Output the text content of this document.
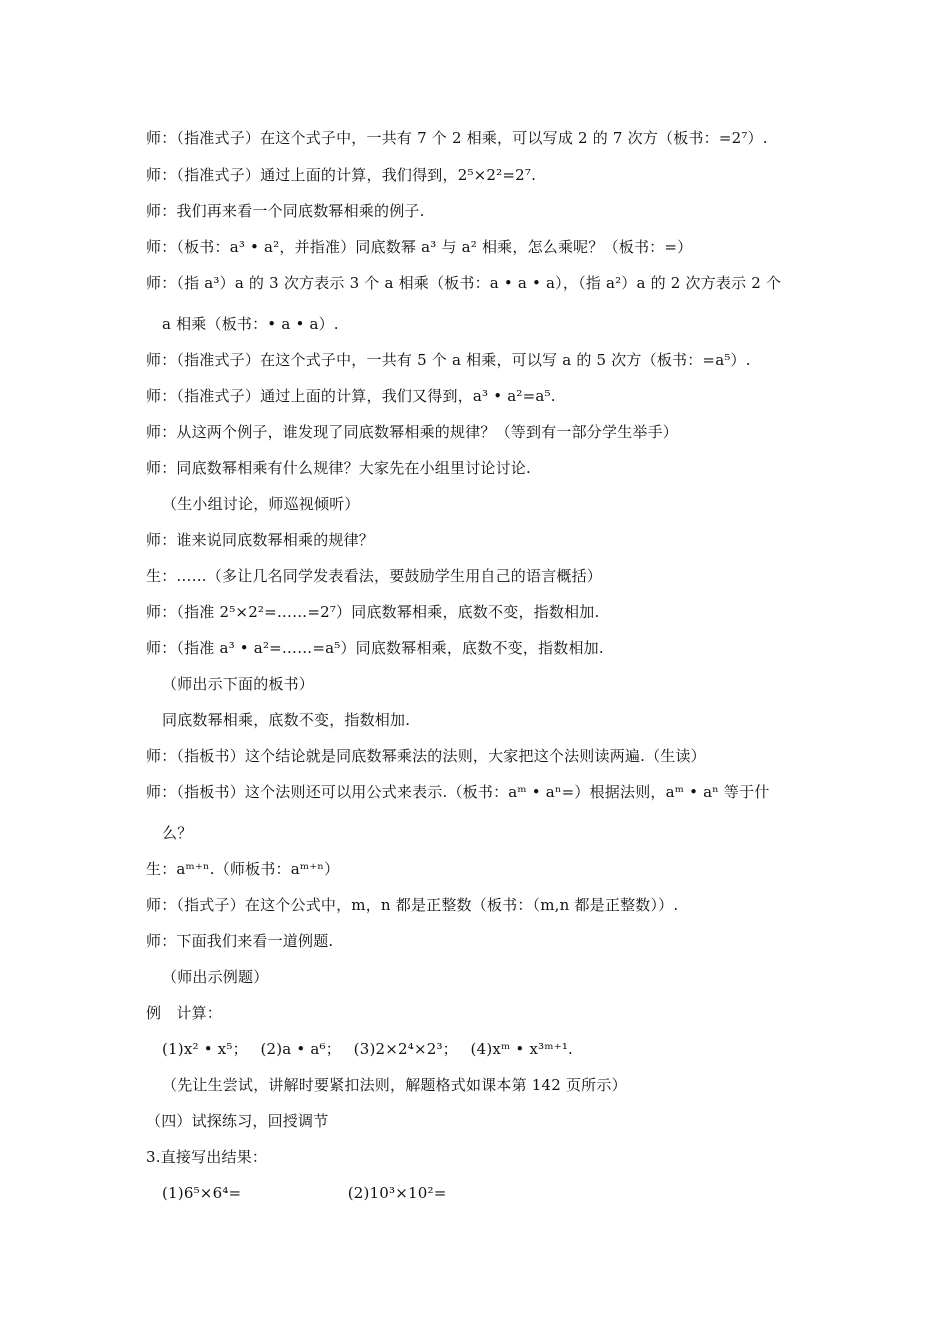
师：（指准式子）在这个式子中，一共有 7 个 2 相乘，可以写成 2 的 7 次方（板书：=2⁷）.
师：（指准式子）通过上面的计算，我们得到，2⁵×2²=2⁷.
师：我们再来看一个同底数幂相乘的例子.
师：（板书：a³ • a²，并指准）同底数幂 a³ 与 a² 相乘，怎么乘呢？（板书：=）
师：（指 a³）a 的 3 次方表示 3 个 a 相乘（板书：a • a • a），（指 a²）a 的 2 次方表示 2 个
a 相乘（板书：• a • a）.
师：（指准式子）在这个式子中，一共有 5 个 a 相乘，可以写 a 的 5 次方（板书：=a⁵）.
师：（指准式子）通过上面的计算，我们又得到，a³ • a²=a⁵.
师：从这两个例子，谁发现了同底数幂相乘的规律？（等到有一部分学生举手）
师：同底数幂相乘有什么规律？大家先在小组里讨论讨论.
（生小组讨论，师巡视倾听）
师：谁来说同底数幂相乘的规律？
生：……（多让几名同学发表看法，要鼓励学生用自己的语言概括）
师：（指准 2⁵×2²=……=2⁷）同底数幂相乘，底数不变，指数相加.
师：（指准 a³ • a²=……=a⁵）同底数幂相乘，底数不变，指数相加.
（师出示下面的板书）
同底数幂相乘，底数不变，指数相加.
师：（指板书）这个结论就是同底数幂乘法的法则，大家把这个法则读两遍.（生读）
师：（指板书）这个法则还可以用公式来表示.（板书：aᵐ • aⁿ=）根据法则，aᵐ • aⁿ 等于什
么？
生：aᵐ⁺ⁿ.（师板书：aᵐ⁺ⁿ）
师：（指式子）在这个公式中，m，n 都是正整数（板书：（m,n 都是正整数））.
师：下面我们来看一道例题.
（师出示例题）
例　计算：
(1)x² • x⁵；　 (2)a • a⁶；　 (3)2×2⁴×2³；　 (4)xᵐ • x³ᵐ⁺¹.
（先让生尝试，讲解时要紧扣法则，解题格式如课本第 142 页所示）
（四）试探练习，回授调节
3.直接写出结果：
(1)6⁵×6⁴=　　　　　　　(2)10³×10²=
